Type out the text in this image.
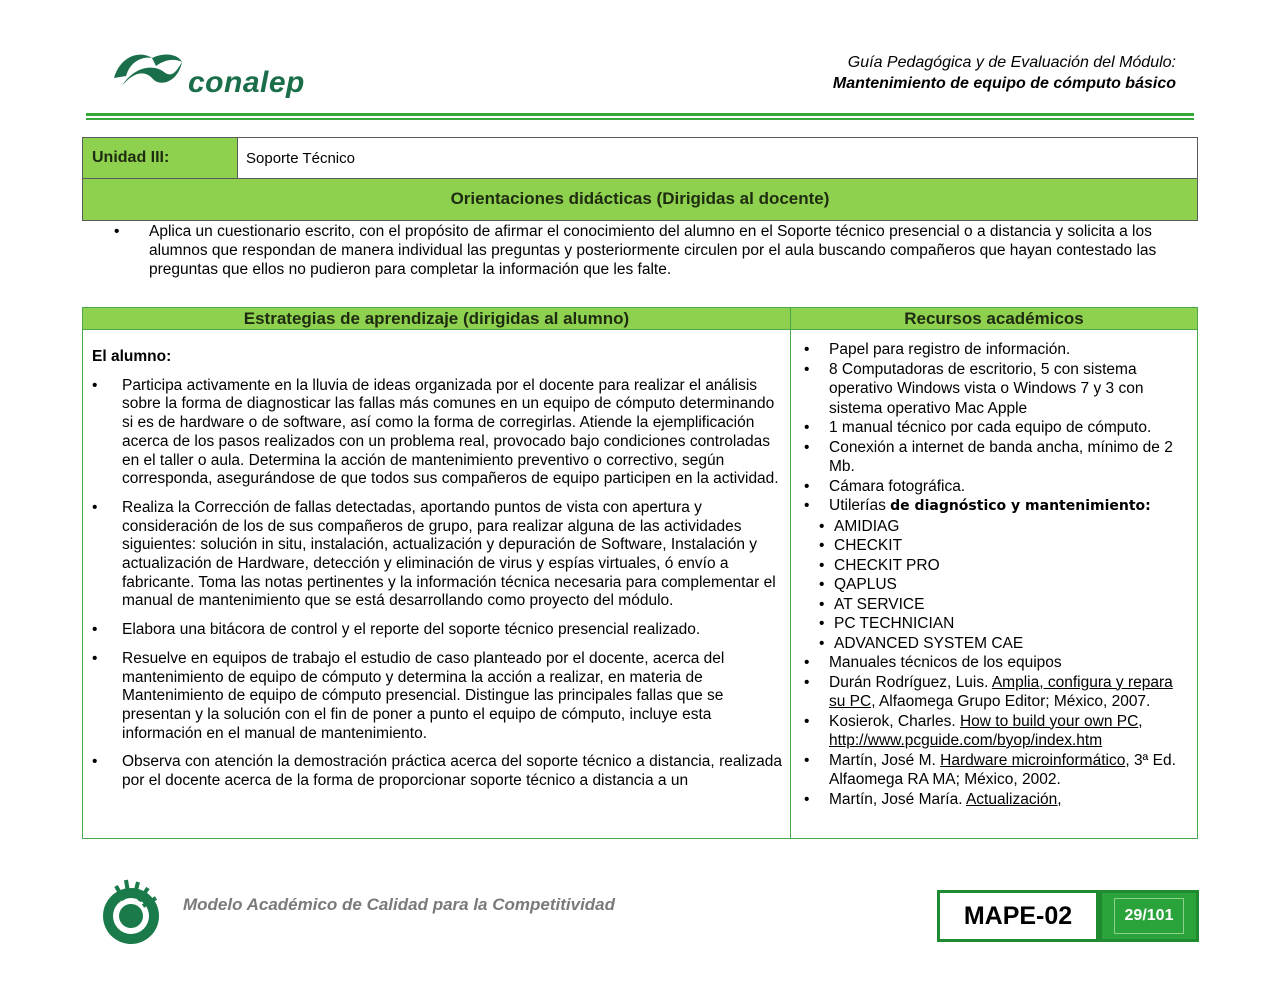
conalep
Guía Pedagógica y de Evaluación del Módulo:
Mantenimiento de equipo de cómputo básico
Unidad III:	Soporte Técnico
Orientaciones didácticas (Dirigidas al docente)
• Aplica un cuestionario escrito, con el propósito de afirmar el conocimiento del alumno en el Soporte técnico presencial o a distancia y solicita a los alumnos que respondan de manera individual las preguntas y posteriormente circulen por el aula buscando compañeros que hayan contestado las preguntas que ellos no pudieron para completar la información que les falte.
Estrategias de aprendizaje (dirigidas al alumno)	Recursos académicos
El alumno:
• Participa activamente en la lluvia de ideas organizada por el docente para realizar el análisis sobre la forma de diagnosticar las fallas más comunes en un equipo de cómputo determinando si es de hardware o de software, así como la forma de corregirlas. Atiende la ejemplificación acerca de los pasos realizados con un problema real, provocado bajo condiciones controladas en el taller o aula. Determina la acción de mantenimiento preventivo o correctivo, según corresponda, asegurándose de que todos sus compañeros de equipo participen en la actividad.
• Realiza la Corrección de fallas detectadas, aportando puntos de vista con apertura y consideración de los de sus compañeros de grupo, para realizar alguna de las actividades siguientes: solución in situ, instalación, actualización y depuración de Software, Instalación y actualización de Hardware, detección y eliminación de virus y espías virtuales, ó envío a fabricante. Toma las notas pertinentes y la información técnica necesaria para complementar el manual de mantenimiento que se está desarrollando como proyecto del módulo.
• Elabora una bitácora de control y el reporte del soporte técnico presencial realizado.
• Resuelve en equipos de trabajo el estudio de caso planteado por el docente, acerca del mantenimiento de equipo de cómputo y determina la acción a realizar, en materia de Mantenimiento de equipo de cómputo presencial. Distingue las principales fallas que se presentan y la solución con el fin de poner a punto el equipo de cómputo, incluye esta información en el manual de mantenimiento.
• Observa con atención la demostración práctica acerca del soporte técnico a distancia, realizada por el docente acerca de la forma de proporcionar soporte técnico a distancia a un
• Papel para registro de información.
• 8 Computadoras de escritorio, 5 con sistema operativo Windows vista o Windows 7 y 3 con sistema operativo Mac Apple
• 1 manual técnico por cada equipo de cómputo.
• Conexión a internet de banda ancha, mínimo de 2 Mb.
• Cámara fotográfica.
• Utilerías de diagnóstico y mantenimiento:
• AMIDIAG
• CHECKIT
• CHECKIT PRO
• QAPLUS
• AT SERVICE
• PC TECHNICIAN
• ADVANCED SYSTEM CAE
• Manuales técnicos de los equipos
• Durán Rodríguez, Luis. Amplia, configura y repara su PC, Alfaomega Grupo Editor; México, 2007.
• Kosierok, Charles. How to build your own PC, http://www.pcguide.com/byop/index.htm
• Martín, José M. Hardware microinformático, 3ª Ed. Alfaomega RA MA; México, 2002.
• Martín, José María. Actualización,
Modelo Académico de Calidad para la Competitividad	MAPE-02	29/101
